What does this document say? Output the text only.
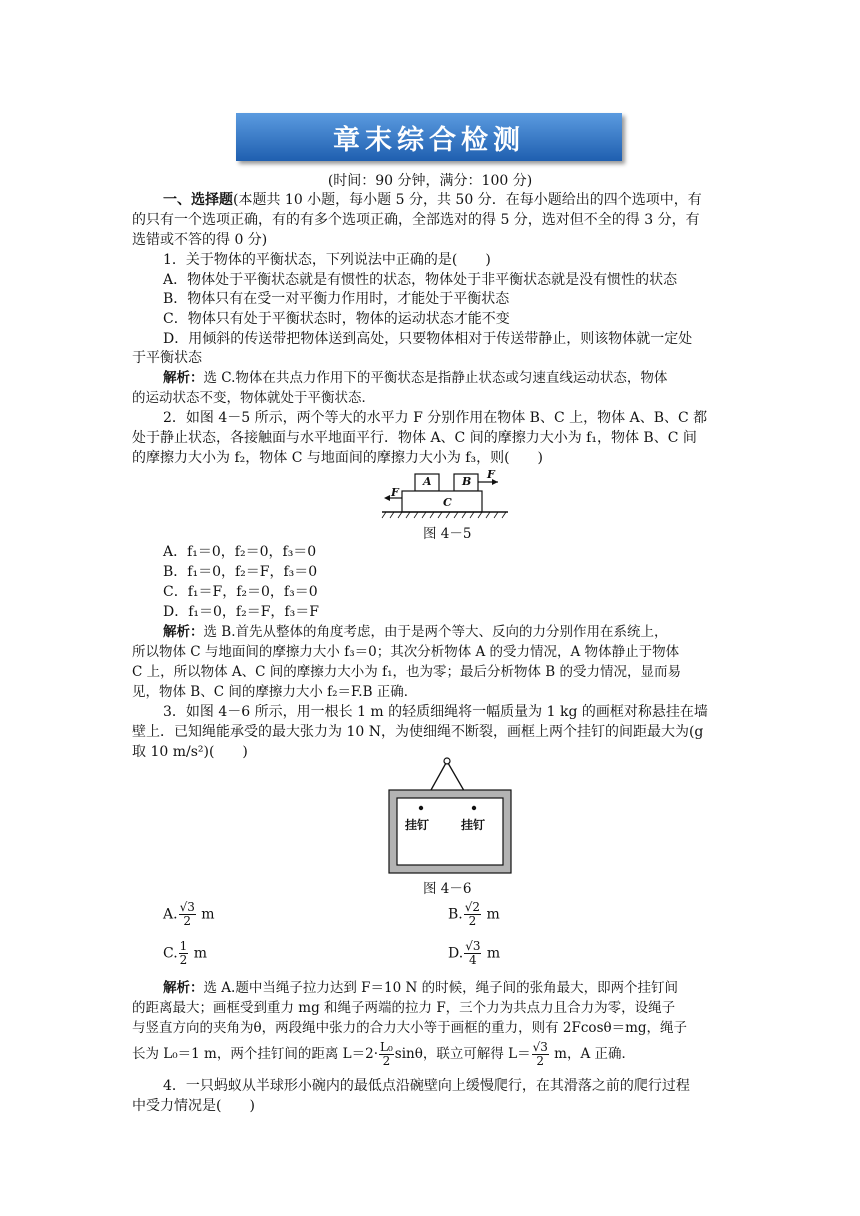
章末综合检测
(时间：90 分钟，满分：100 分)
一、选择题(本题共 10 小题，每小题 5 分，共 50 分．在每小题给出的四个选项中，有
的只有一个选项正确，有的有多个选项正确，全部选对的得 5 分，选对但不全的得 3 分，有
选错或不答的得 0 分)
1．关于物体的平衡状态，下列说法中正确的是(　　)
A．物体处于平衡状态就是有惯性的状态，物体处于非平衡状态就是没有惯性的状态
B．物体只有在受一对平衡力作用时，才能处于平衡状态
C．物体只有处于平衡状态时，物体的运动状态才能不变
D．用倾斜的传送带把物体送到高处，只要物体相对于传送带静止，则该物体就一定处
于平衡状态
解析：选 C.物体在共点力作用下的平衡状态是指静止状态或匀速直线运动状态，物体
的运动状态不变，物体就处于平衡状态．
2．如图 4－5 所示，两个等大的水平力 F 分别作用在物体 B、C 上，物体 A、B、C 都
处于静止状态，各接触面与水平地面平行．物体 A、C 间的摩擦力大小为 f₁，物体 B、C 间
的摩擦力大小为 f₂，物体 C 与地面间的摩擦力大小为 f₃，则(　　)
A	B
C
F
F
图 4－5
A．f₁＝0，f₂＝0，f₃＝0
B．f₁＝0，f₂＝F，f₃＝0
C．f₁＝F，f₂＝0，f₃＝0
D．f₁＝0，f₂＝F，f₃＝F
解析：选 B.首先从整体的角度考虑，由于是两个等大、反向的力分别作用在系统上，
所以物体 C 与地面间的摩擦力大小 f₃＝0；其次分析物体 A 的受力情况，A 物体静止于物体
C 上，所以物体 A、C 间的摩擦力大小为 f₁，也为零；最后分析物体 B 的受力情况，显而易
见，物体 B、C 间的摩擦力大小 f₂＝F.B 正确．
3．如图 4－6 所示，用一根长 1 m 的轻质细绳将一幅质量为 1 kg 的画框对称悬挂在墙
壁上．已知绳能承受的最大张力为 10 N，为使细绳不断裂，画框上两个挂钉的间距最大为(g
取 10 m/s²)(　　)
挂钉	挂钉
图 4－6
A. $\frac{√3}{2}$ m	B. $\frac{√2}{2}$ m
C. $\frac{1}{2}$ m	D. $\frac{√3}{4}$ m
解析：选 A.题中当绳子拉力达到 F＝10 N 的时候，绳子间的张角最大，即两个挂钉间
的距离最大；画框受到重力 mg 和绳子两端的拉力 F，三个力为共点力且合力为零，设绳子
与竖直方向的夹角为θ，两段绳中张力的合力大小等于画框的重力，则有 2Fcosθ＝mg，绳子
长为 L₀＝1 m，两个挂钉间的距离 $L=2\cdot \frac{\text{L₀}}{2}$ sinθ，联立可解得 $L= \frac{√3}{2}$ m，A 正确．
4．一只蚂蚁从半球形小碗内的最低点沿碗壁向上缓慢爬行，在其滑落之前的爬行过程
中受力情况是(　　)
